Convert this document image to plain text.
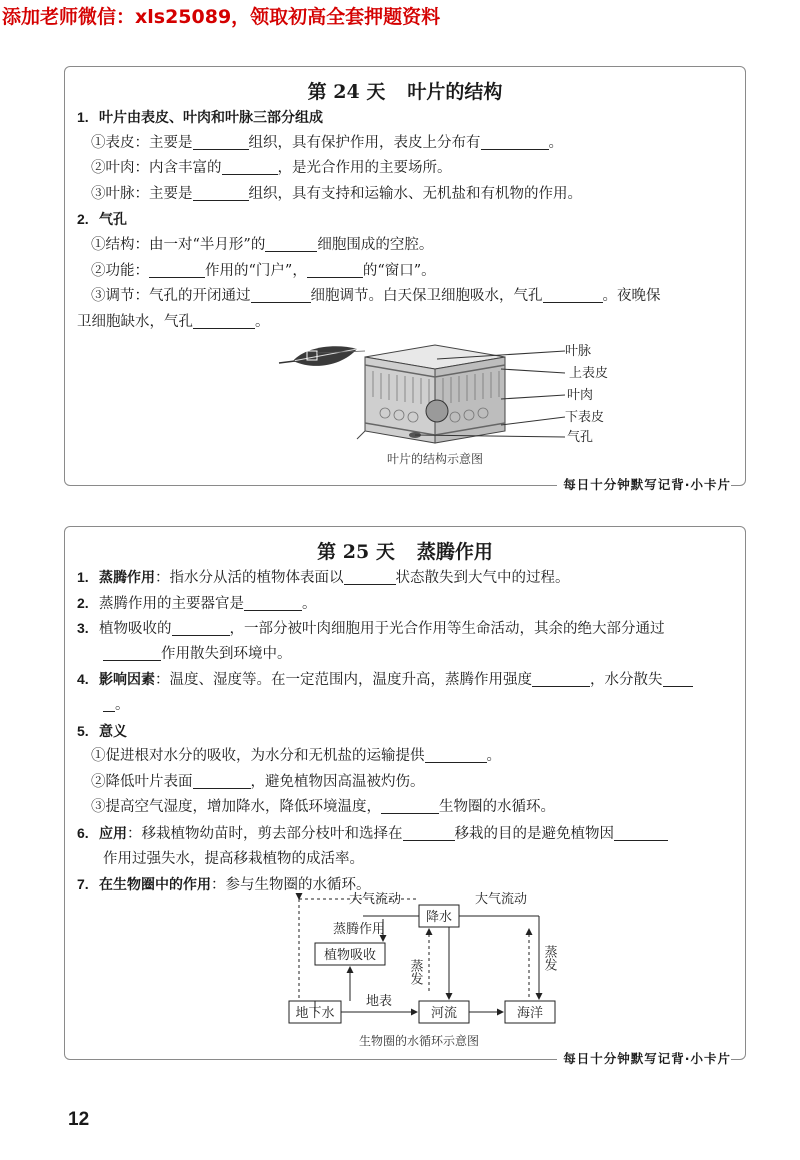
添加老师微信：xls25089，领取初高全套押题资料
第 24 天 叶片的结构
1. 叶片由表皮、叶肉和叶脉三部分组成
①表皮：主要是	组织，具有保护作用，表皮上分布有	。
②叶肉：内含丰富的	，是光合作用的主要场所。
③叶脉：主要是	组织，具有支持和运输水、无机盐和有机物的作用。
2. 气孔
①结构：由一对“半月形”的	细胞围成的空腔。
②功能：	作用的“门户”，	的“窗口”。
③调节：气孔的开闭通过	细胞调节。白天保卫细胞吸水，气孔	。夜晚保
卫细胞缺水，气孔	。
叶脉
上表皮
叶肉
下表皮
气孔
叶片的结构示意图
每日十分钟默写记背·小卡片
第 25 天 蒸腾作用
1. 蒸腾作用：指水分从活的植物体表面以	状态散失到大气中的过程。
2. 蒸腾作用的主要器官是	。
3. 植物吸收的	，一部分被叶肉细胞用于光合作用等生命活动，其余的绝大部分通过
作用散失到环境中。
4. 影响因素：温度、湿度等。在一定范围内，温度升高，蒸腾作用强度	，水分散失
。
5. 意义
①促进根对水分的吸收，为水分和无机盐的运输提供	。
②降低叶片表面	，避免植物因高温被灼伤。
③提高空气湿度，增加降水，降低环境温度，	生物圈的水循环。
6. 应用：移栽植物幼苗时，剪去部分枝叶和选择在	移栽的目的是避免植物因
作用过强失水，提高移栽植物的成活率。
7. 在生物圈中的作用：参与生物圈的水循环。
大气流动	大气流动
降水
蒸腾作用
植物吸收
蒸发
蒸发
地下水
地表
河流	海洋
生物圈的水循环示意图
每日十分钟默写记背·小卡片
12
